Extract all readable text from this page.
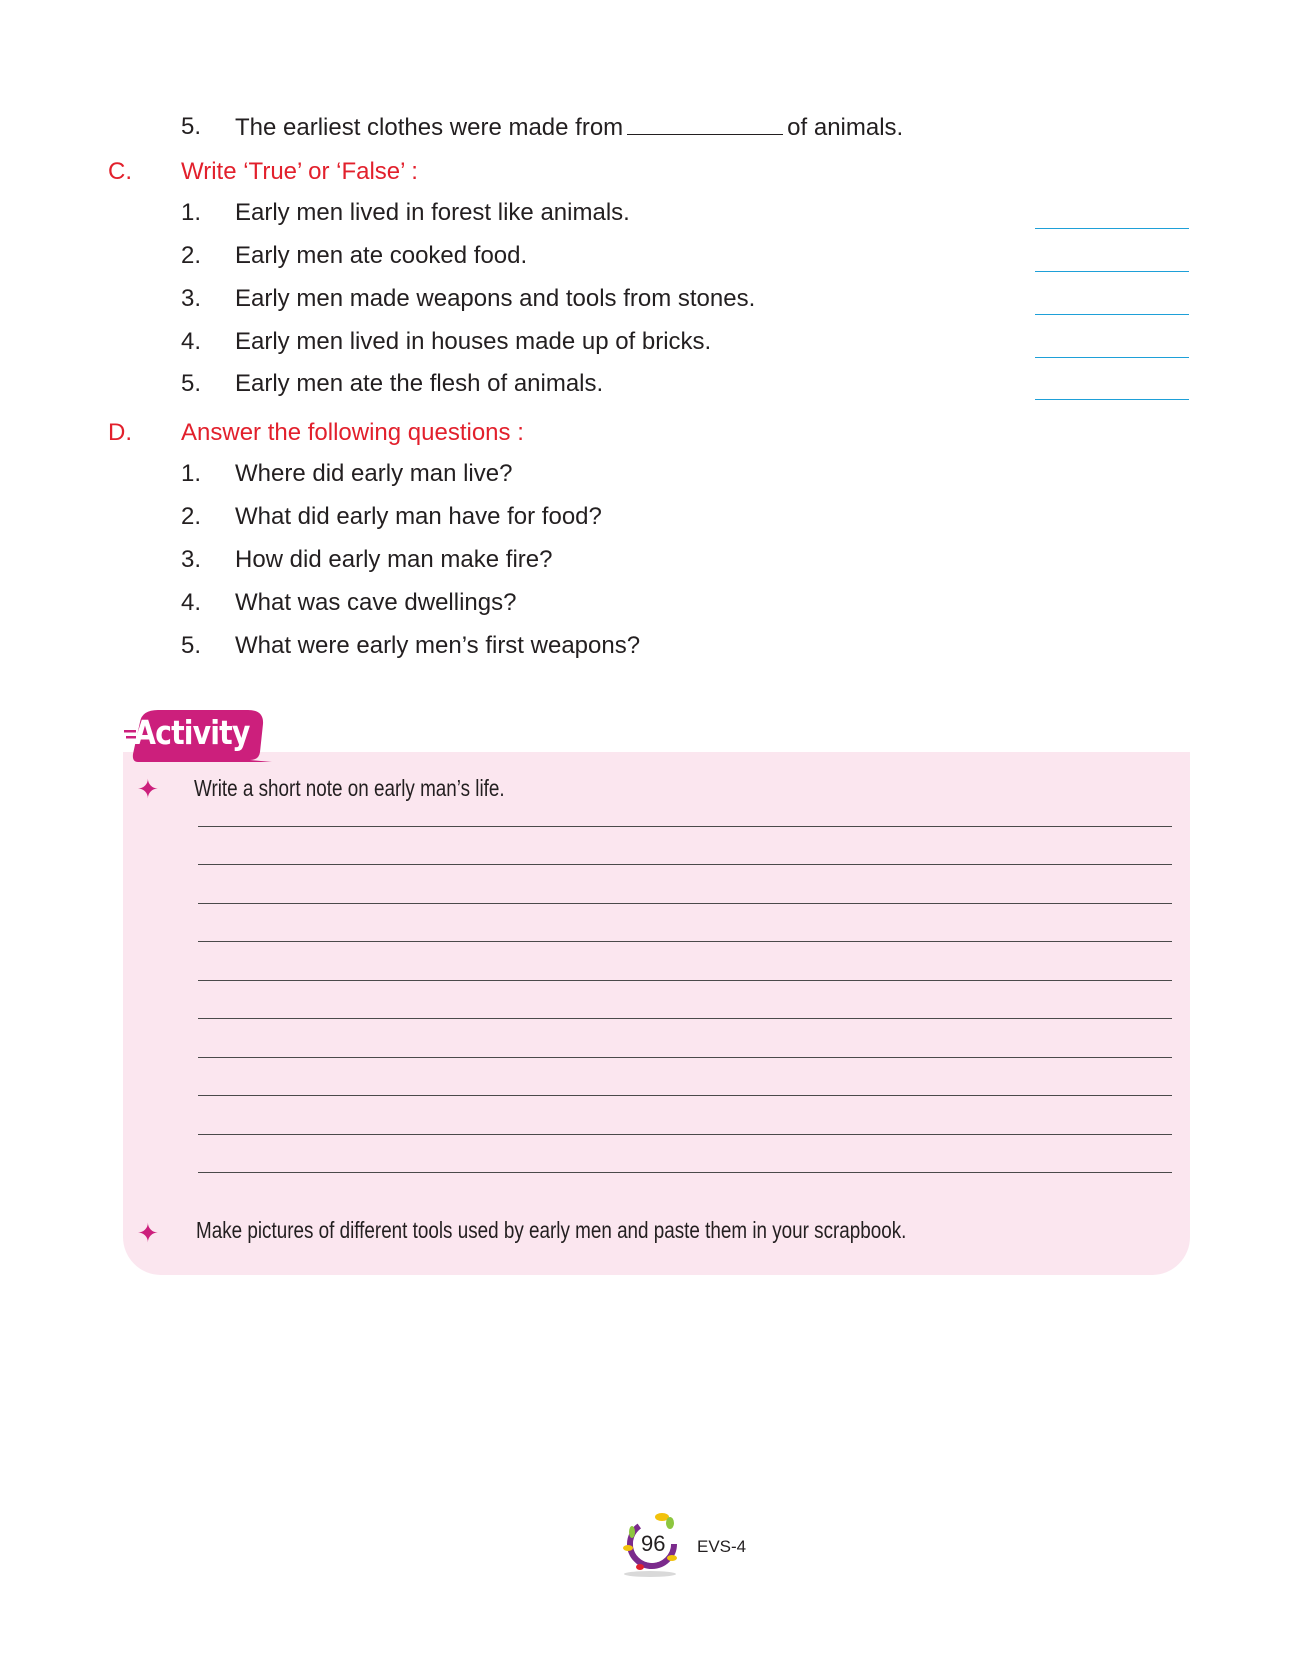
5. The earliest clothes were made from	of animals.
C. Write ‘True’ or ‘False’ :
1. Early men lived in forest like animals.
2. Early men ate cooked food.
3. Early men made weapons and tools from stones.
4. Early men lived in houses made up of bricks.
5. Early men ate the flesh of animals.
D. Answer the following questions :
1. Where did early man live?
2. What did early man have for food?
3. How did early man make fire?
4. What was cave dwellings?
5. What were early men’s first weapons?
Activity
✦ Write a short note on early man’s life.
✦ Make pictures of different tools used by early men and paste them in your scrapbook.
96 EVS-4
